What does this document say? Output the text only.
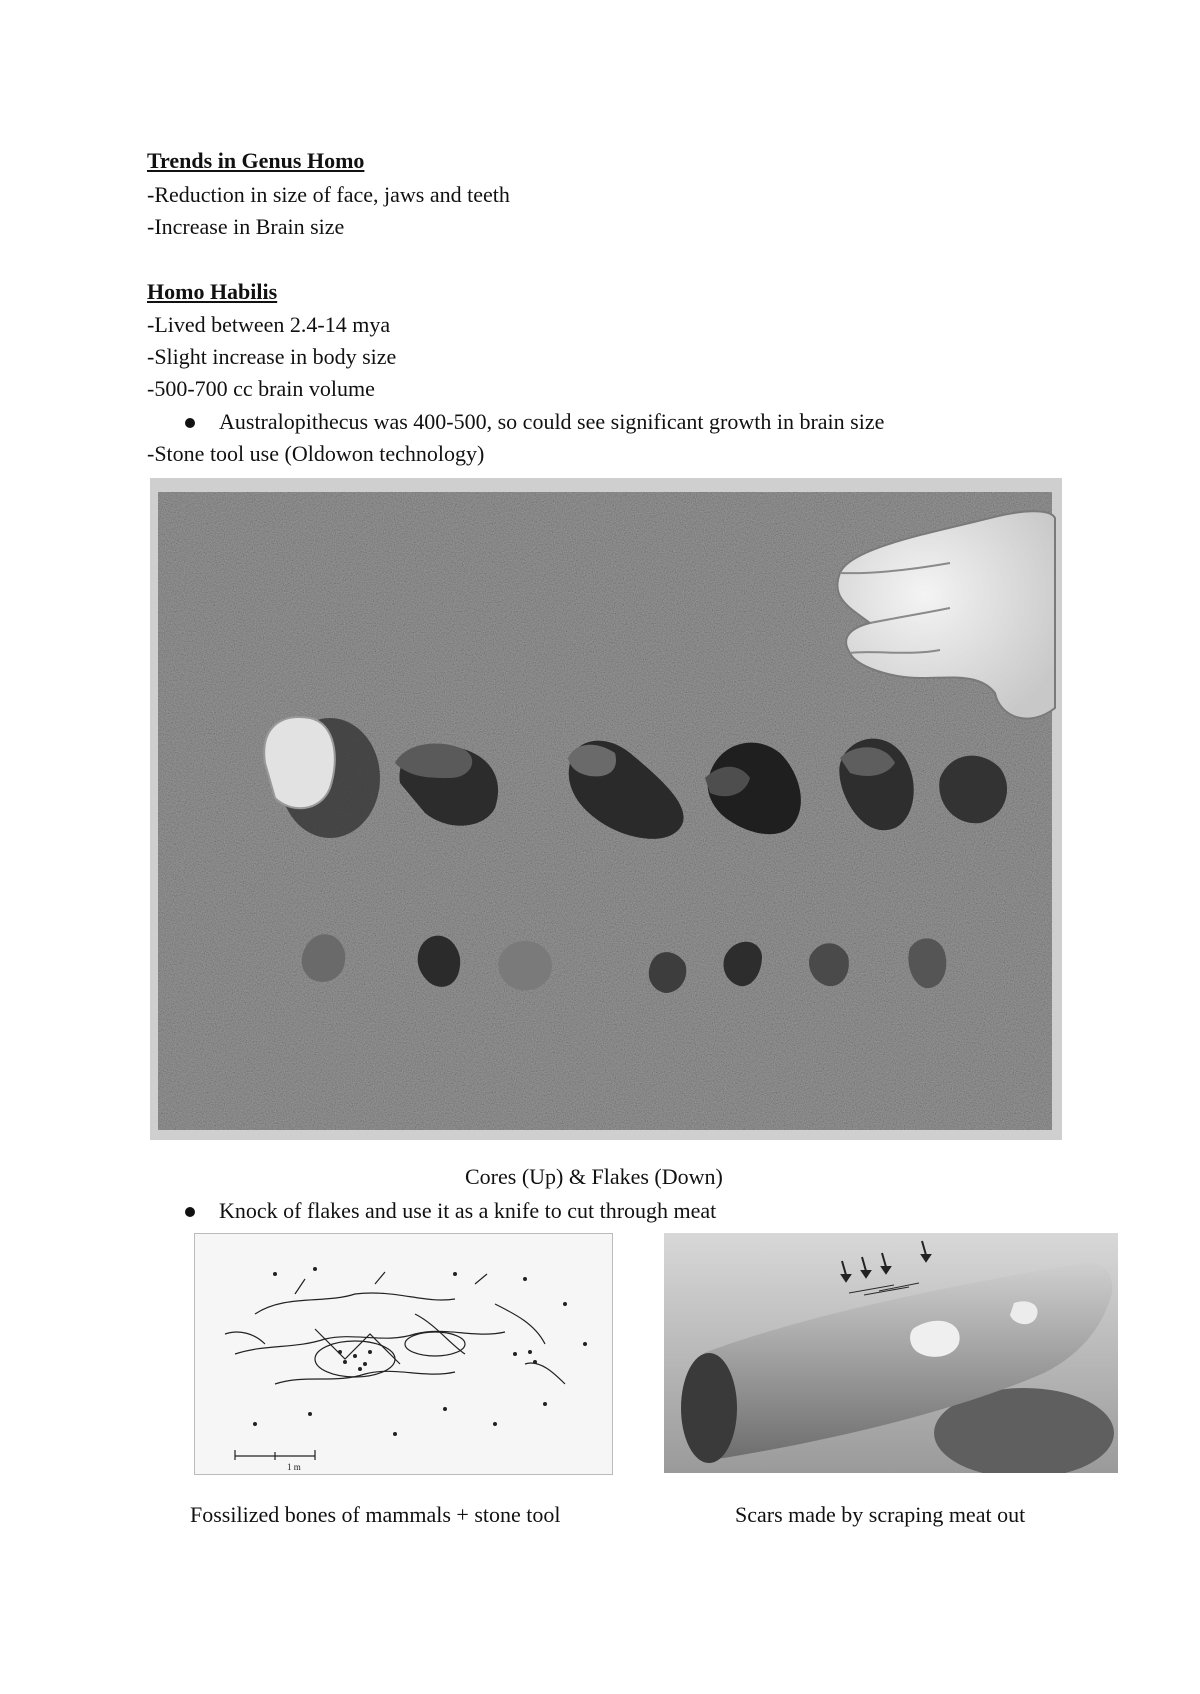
Trends in Genus Homo
-Reduction in size of face, jaws and teeth
-Increase in Brain size
Homo Habilis
-Lived between 2.4-14 mya
-Slight increase in body size
-500-700 cc brain volume
Australopithecus was 400-500, so could see significant growth in brain size
-Stone tool use (Oldowon technology)
Cores (Up) & Flakes (Down)
Knock of flakes and use it as a knife to cut through meat
1 m
Fossilized bones of mammals + stone tool	Scars made by scraping meat out
